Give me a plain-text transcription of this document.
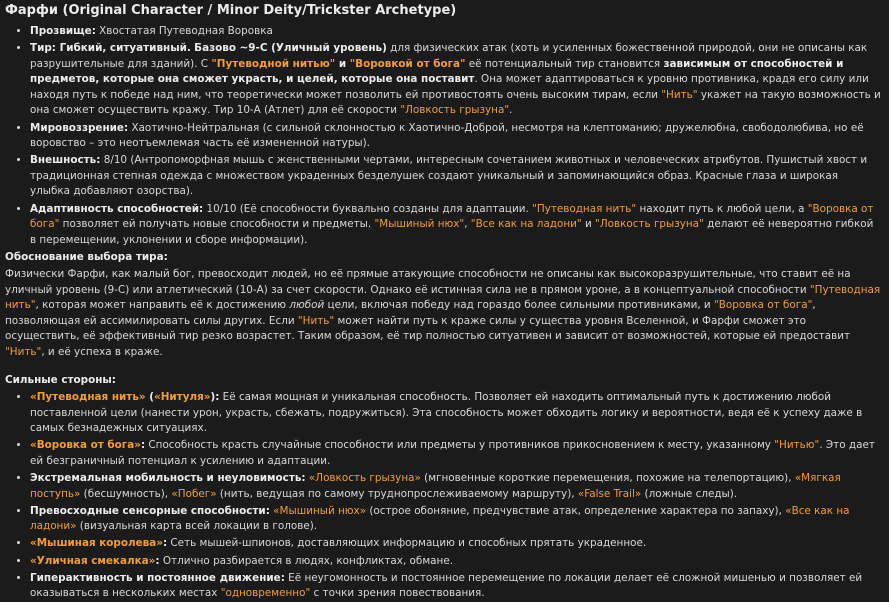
Фарфи (Original Character / Minor Deity/Trickster Archetype)
• Прозвище: Хвостатая Путеводная Воровка
• Тир: Гибкий, ситуативный. Базово ~9-C (Уличный уровень) для физических атак (хоть и усиленных божественной природой, они не описаны как разрушительные для зданий). С "Путеводной нитью" и "Воровкой от бога" её потенциальный тир становится зависимым от способностей и предметов, которые она сможет украсть, и целей, которые она поставит. Она может адаптироваться к уровню противника, крадя его силу или находя путь к победе над ним, что теоретически может позволить ей противостоять очень высоким тирам, если "Нить" укажет на такую возможность и она сможет осуществить кражу. Тир 10-А (Атлет) для её скорости "Ловкость грызуна".
• Мировоззрение: Хаотично-Нейтральная (с сильной склонностью к Хаотично-Доброй, несмотря на клептоманию; дружелюбна, свободолюбива, но её воровство – это неотъемлемая часть её измененной натуры).
• Внешность: 8/10 (Антропоморфная мышь с женственными чертами, интересным сочетанием животных и человеческих атрибутов. Пушистый хвост и традиционная степная одежда с множеством украденных безделушек создают уникальный и запоминающийся образ. Красные глаза и широкая улыбка добавляют озорства).
• Адаптивность способностей: 10/10 (Её способности буквально созданы для адаптации. "Путеводная нить" находит путь к любой цели, а "Воровка от бога" позволяет ей получать новые способности и предметы. "Мышиный нюх", "Все как на ладони" и "Ловкость грызуна" делают её невероятно гибкой в перемещении, уклонении и сборе информации).
Обоснование выбора тира:

Физически Фарфи, как малый бог, превосходит людей, но её прямые атакующие способности не описаны как высокоразрушительные, что ставит её на уличный уровень (9-C) или атлетический (10-А) за счет скорости. Однако её истинная сила не в прямом уроне, а в концептуальной способности "Путеводная нить", которая может направить её к достижению любой цели, включая победу над гораздо более сильными противниками, и "Воровка от бога", позволяющая ей ассимилировать силы других. Если "Нить" может найти путь к краже силы у существа уровня Вселенной, и Фарфи сможет это осуществить, её эффективный тир резко возрастет. Таким образом, её тир полностью ситуативен и зависит от возможностей, которые ей предоставит "Нить", и её успеха в краже.

Сильные стороны:
• «Путеводная нить» («Нитуля»): Её самая мощная и уникальная способность. Позволяет ей находить оптимальный путь к достижению любой поставленной цели (нанести урон, украсть, сбежать, подружиться). Эта способность может обходить логику и вероятности, ведя её к успеху даже в самых безнадежных ситуациях.
• «Воровка от бога»: Способность красть случайные способности или предметы у противников прикосновением к месту, указанному "Нитью". Это дает ей безграничный потенциал к усилению и адаптации.
• Экстремальная мобильность и неуловимость: «Ловкость грызуна» (мгновенные короткие перемещения, похожие на телепортацию), «Мягкая поступь» (бесшумность), «Побег» (нить, ведущая по самому труднопрослеживаемому маршруту), «False Trail» (ложные следы).
• Превосходные сенсорные способности: «Мышиный нюх» (острое обоняние, предчувствие атак, определение характера по запаху), «Все как на ладони» (визуальная карта всей локации в голове).
• «Мышиная королева»: Сеть мышей-шпионов, доставляющих информацию и способных прятать украденное.
• «Уличная смекалка»: Отлично разбирается в людях, конфликтах, обмане.
• Гиперактивность и постоянное движение: Её неугомонность и постоянное перемещение по локации делает её сложной мишенью и позволяет ей оказываться в нескольких местах "одновременно" с точки зрения повествования.
